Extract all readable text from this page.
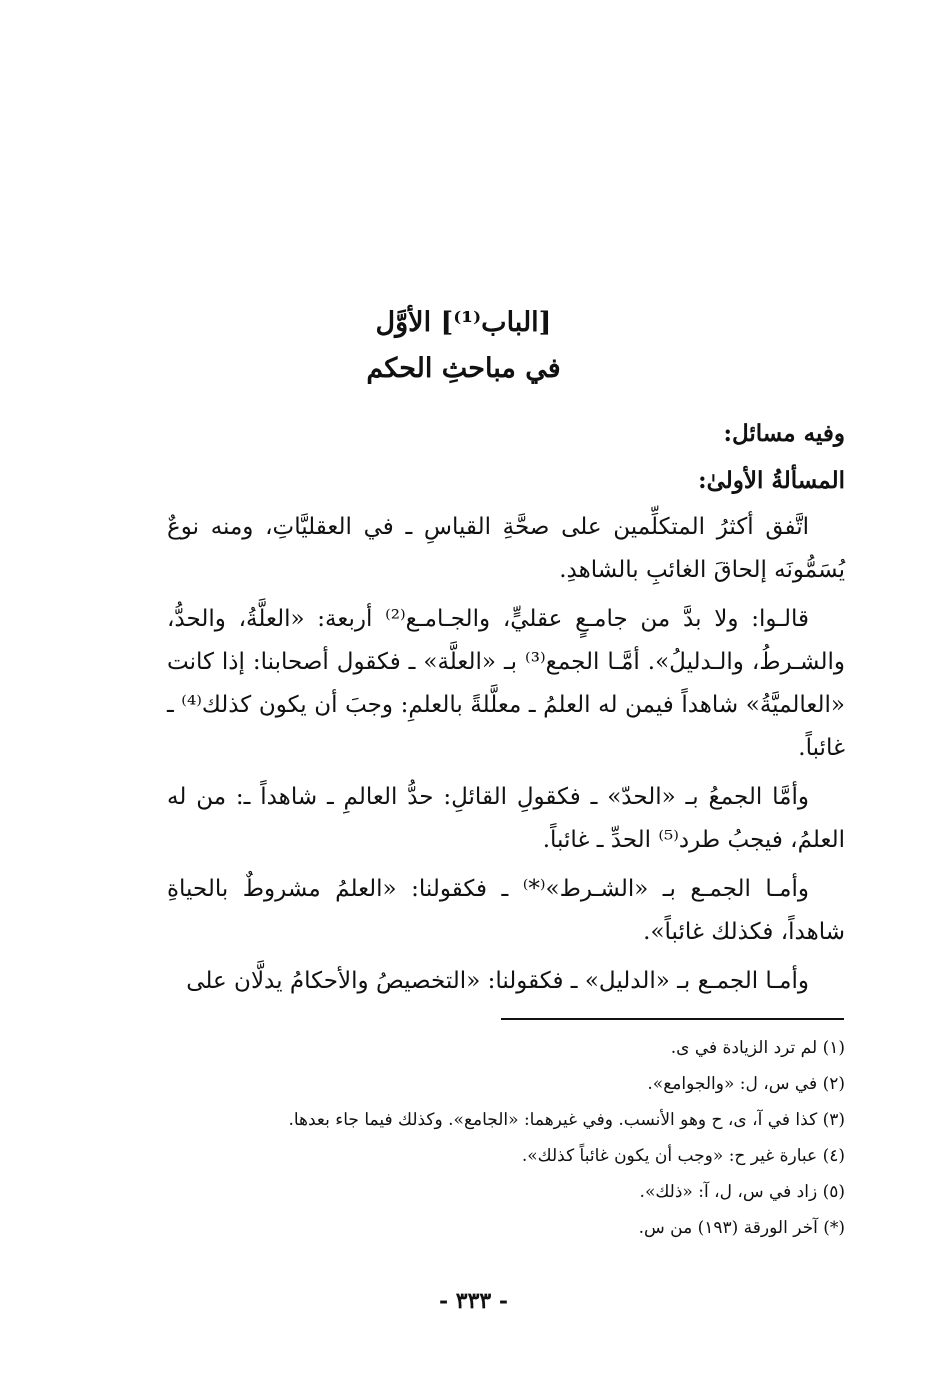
[الباب⁽¹⁾] الأوَّل

في مباحثِ الحكم

وفيه مسائل:

المسألةُ الأولىٰ:

اتَّفق أكثرُ المتكلِّمين على صحَّةِ القياسِ ـ في العقليَّاتِ، ومنه نوعٌ يُسَمُّونَه إلحاقَ الغائبِ بالشاهدِ.

قالـوا: ولا بدَّ من جامـعٍ عقليٍّ، والجـامـع⁽²⁾ أربعة: «العلَّةُ، والحدُّ، والشـرطُ، والـدليلُ». أمَّـا الجمع⁽³⁾ بـ «العلَّة» ـ فكقول أصحابنا: إذا كانت «العالميَّةُ» شاهداً فيمن له العلمُ ـ معلَّلةً بالعلمِ: وجبَ أن يكون كذلك⁽⁴⁾ ـ غائباً.

وأمَّا الجمعُ بـ «الحدّ» ـ فكقولِ القائلِ: حدُّ العالمِ ـ شاهداً ـ: من له العلمُ، فيجبُ طرد⁽⁵⁾ الحدِّ ـ غائباً.

وأمـا الجمـع بـ «الشـرط»⁽*⁾ ـ فكقولنا: «العلمُ مشروطٌ بالحياةِ شاهداً، فكذلك غائباً».

وأمـا الجمـع بـ «الدليل» ـ فكقولنا: «التخصيصُ والأحكامُ يدلَّان على

(١) لم ترد الزيادة في ى.
(٢) في س، ل: «والجوامع».
(٣) كذا في آ، ى، ح وهو الأنسب. وفي غيرهما: «الجامع». وكذلك فيما جاء بعدها.
(٤) عبارة غير ح: «وجب أن يكون غائباً كذلك».
(٥) زاد في س، ل، آ: «ذلك».
(*) آخر الورقة (١٩٣) من س.
- ٣٣٣ -
